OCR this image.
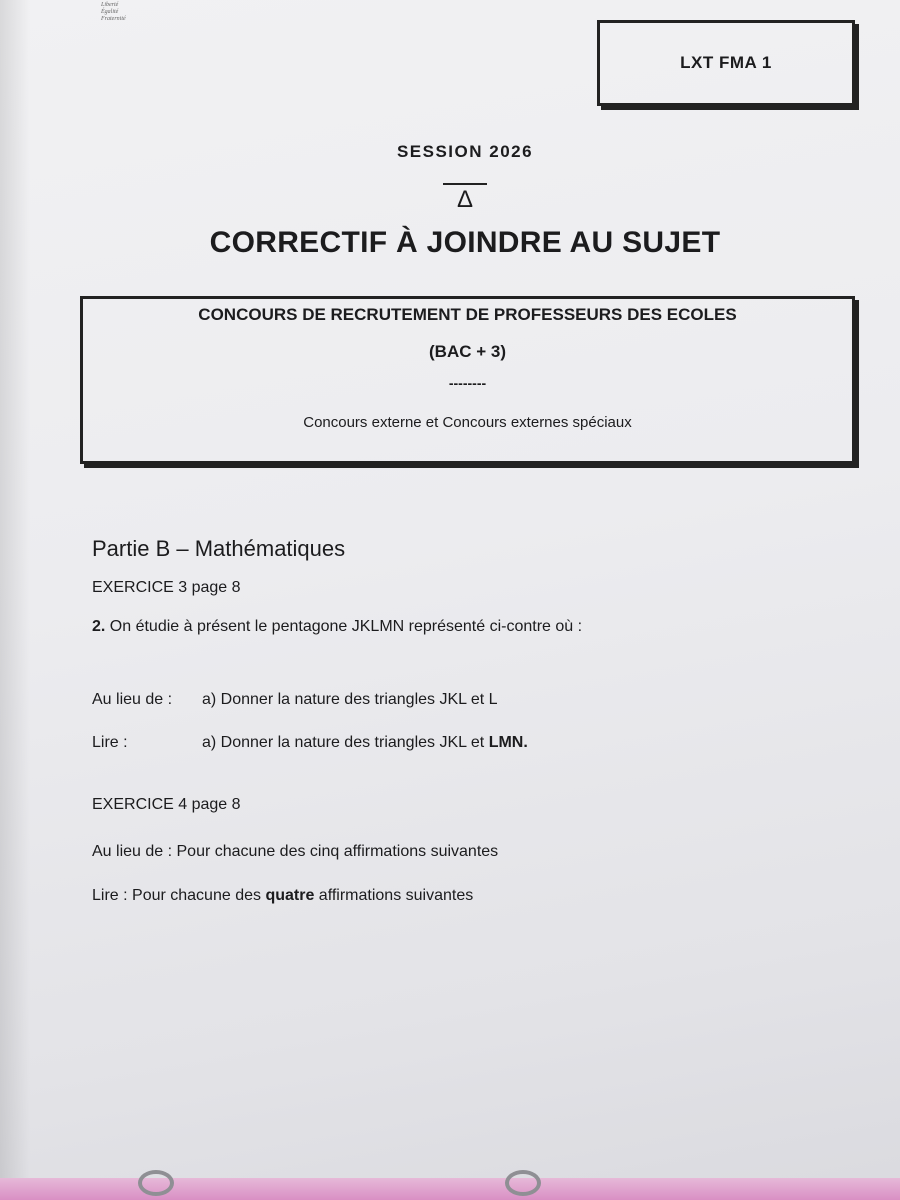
Liberté
Égalité
Fraternité
LXT FMA 1
SESSION 2026
Δ
CORRECTIF À JOINDRE AU SUJET
CONCOURS DE RECRUTEMENT DE PROFESSEURS DES ECOLES
(BAC + 3)
--------
Concours externe et Concours externes spéciaux
Partie B – Mathématiques
EXERCICE 3 page 8
2. On étudie à présent le pentagone JKLMN représenté ci-contre où :
Au lieu de : a) Donner la nature des triangles JKL et L
Lire :	a) Donner la nature des triangles JKL et LMN.
EXERCICE 4 page 8
Au lieu de : Pour chacune des cinq affirmations suivantes
Lire : Pour chacune des quatre affirmations suivantes
